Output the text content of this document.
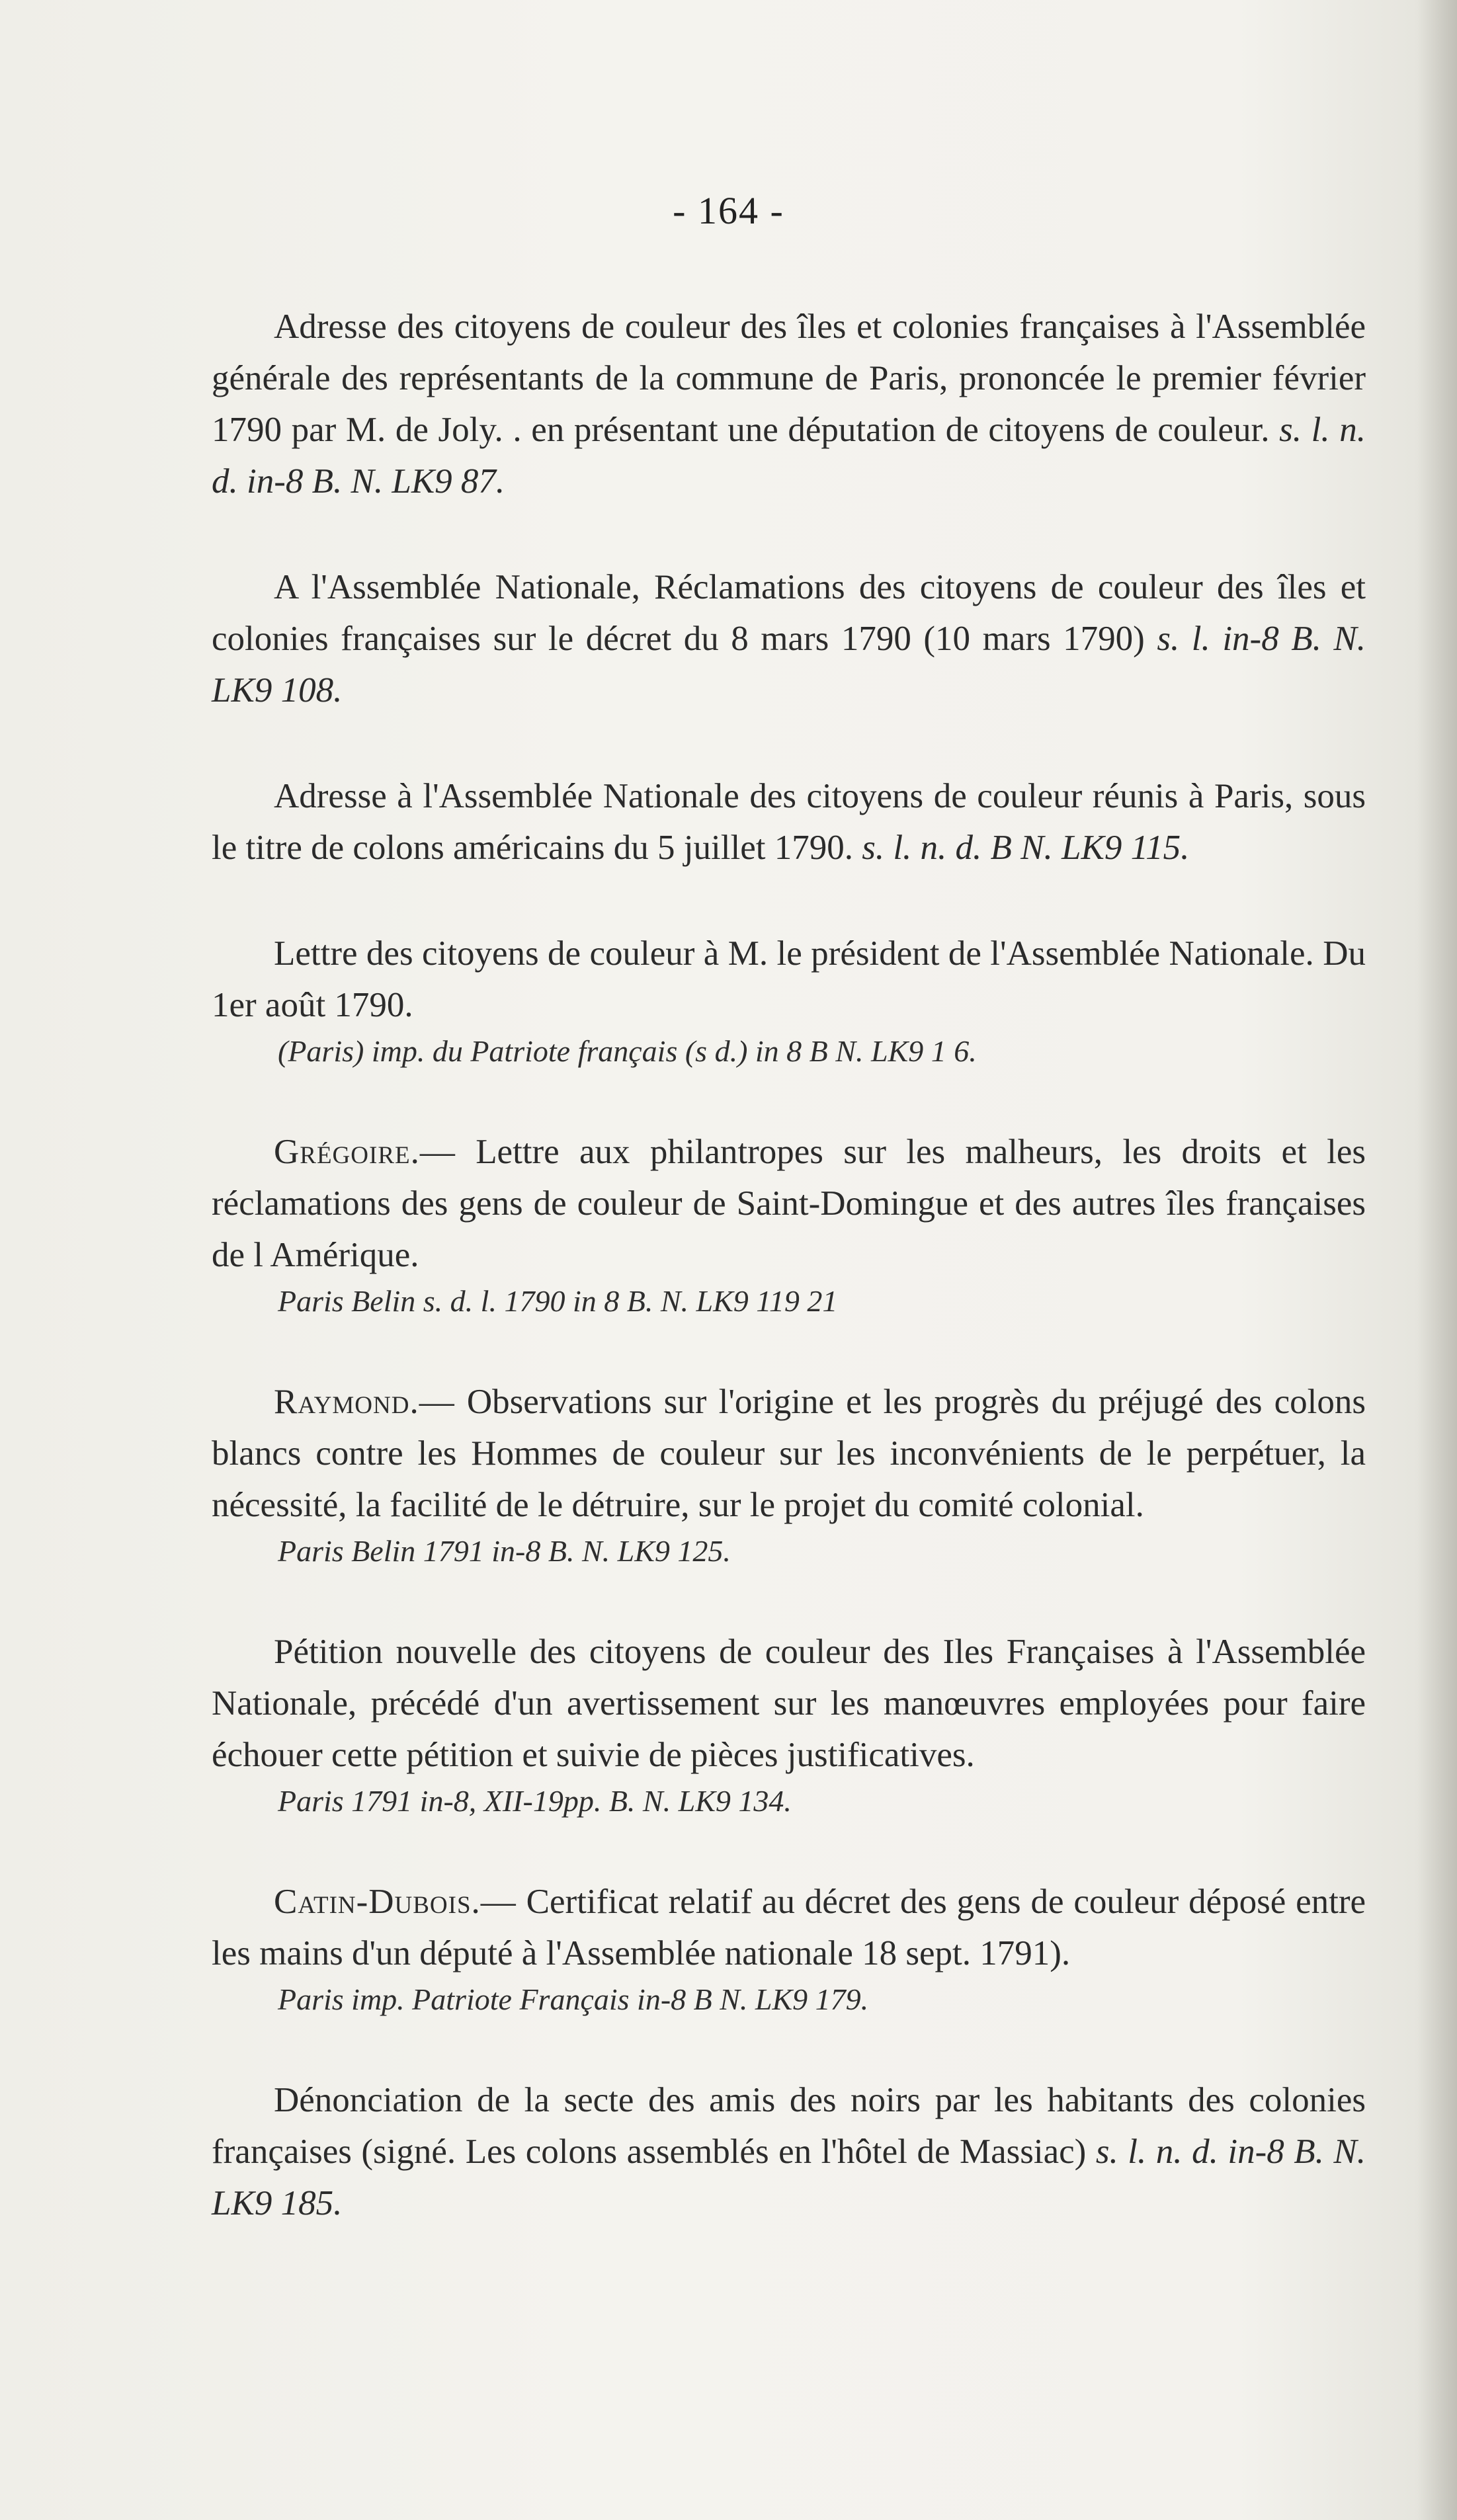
- 164 -

Adresse des citoyens de couleur des îles et colonies françaises à l'Assemblée générale des représentants de la commune de Paris, prononcée le premier février 1790 par M. de Joly. . en présentant une députation de citoyens de couleur. s. l. n. d. in-8 B. N. LK9 87.

A l'Assemblée Nationale, Réclamations des citoyens de couleur des îles et colonies françaises sur le décret du 8 mars 1790 (10 mars 1790) s. l. in-8 B. N. LK9 108.

Adresse à l'Assemblée Nationale des citoyens de couleur réunis à Paris, sous le titre de colons américains du 5 juillet 1790. s. l. n. d. B N. LK9 115.

Lettre des citoyens de couleur à M. le président de l'Assemblée Nationale. Du 1er août 1790.

(Paris) imp. du Patriote français (s d.) in 8 B N. LK9 1 6.

Grégoire.— Lettre aux philantropes sur les malheurs, les droits et les réclamations des gens de couleur de Saint-Domingue et des autres îles françaises de l Amérique.

Paris Belin s. d. l. 1790 in 8 B. N. LK9 119 21

Raymond.— Observations sur l'origine et les progrès du préjugé des colons blancs contre les Hommes de couleur sur les inconvénients de le perpétuer, la nécessité, la facilité de le détruire, sur le projet du comité colonial.

Paris Belin 1791 in-8 B. N. LK9 125.

Pétition nouvelle des citoyens de couleur des Iles Françaises à l'Assemblée Nationale, précédé d'un avertissement sur les manœuvres employées pour faire échouer cette pétition et suivie de pièces justificatives.

Paris 1791 in-8, XII-19pp. B. N. LK9 134.

Catin-Dubois.— Certificat relatif au décret des gens de couleur déposé entre les mains d'un député à l'Assemblée nationale 18 sept. 1791).

Paris imp. Patriote Français in-8 B N. LK9 179.

Dénonciation de la secte des amis des noirs par les habitants des colonies françaises (signé. Les colons assemblés en l'hôtel de Massiac) s. l. n. d. in-8 B. N. LK9 185.
